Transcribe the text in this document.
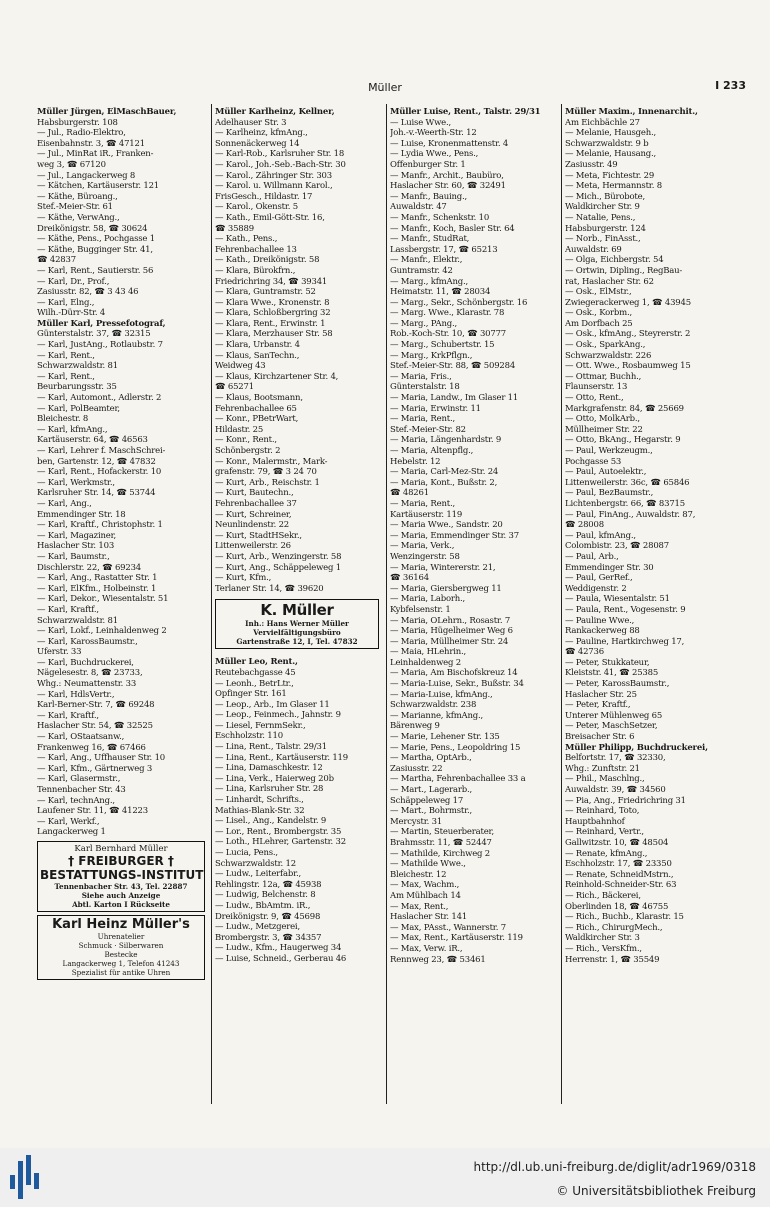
Müller	I 233
Müller Jürgen, ElMaschBauer,
Habsburgerstr. 108
— Jul., Radio-Elektro,
Eisenbahnstr. 3, ☎ 47121
— Jul., MinRat iR., Franken-
weg 3, ☎ 67120
— Jul., Langackerweg 8
— Kätchen, Kartäuserstr. 121
— Käthe, Büroang.,
Stef.-Meier-Str. 61
— Käthe, VerwAng.,
Dreikönigstr. 58, ☎ 30624
— Käthe, Pens., Pochgasse 1
— Käthe, Bugginger Str. 41,
☎ 42837
— Karl, Rent., Sautierstr. 56
— Karl, Dr., Prof.,
Zasiusstr. 82, ☎ 3 43 46
— Karl, Elng.,
Wilh.-Dürr-Str. 4
Müller Karl, Pressefotograf,
Günterstalstr. 37, ☎ 32315
— Karl, JustAng., Rotlaubstr. 7
— Karl, Rent.,
Schwarzwaldstr. 81
— Karl, Rent.,
Beurbarungsstr. 35
— Karl, Automont., Adlerstr. 2
— Karl, PolBeamter,
Bleichestr. 8
— Karl, kfmAng.,
Kartäuserstr. 64, ☎ 46563
— Karl, Lehrer f. MaschSchrei-
ben, Gartenstr. 12, ☎ 47832
— Karl, Rent., Hofackerstr. 10
— Karl, Werkmstr.,
Karlsruher Str. 14, ☎ 53744
— Karl, Ang.,
Emmendinger Str. 18
— Karl, Kraftf., Christophstr. 1
— Karl, Magaziner,
Haslacher Str. 103
— Karl, Baumstr.,
Dischlerstr. 22, ☎ 69234
— Karl, Ang., Rastatter Str. 1
— Karl, ElKfm., Holbeinstr. 1
— Karl, Dekor., Wiesentalstr. 51
— Karl, Kraftf.,
Schwarzwaldstr. 81
— Karl, Lokf., Leinhaldenweg 2
— Karl, KarossBaumstr.,
Uferstr. 33
— Karl, Buchdruckerei,
Nägelesestr. 8, ☎ 23733,
Whg.: Neumattenstr. 33
— Karl, HdlsVertr.,
Karl-Berner-Str. 7, ☎ 69248
— Karl, Kraftf.,
Haslacher Str. 54, ☎ 32525
— Karl, OStaatsanw.,
Frankenweg 16, ☎ 67466
— Karl, Ang., Uffhauser Str. 10
— Karl, Kfm., Gärtnerweg 3
— Karl, Glasermstr.,
Tennenbacher Str. 43
— Karl, technAng.,
Laufener Str. 11, ☎ 41223
— Karl, Werkf.,
Langackerweg 1
Karl Bernhard Müller
† FREIBURGER †
BESTATTUNGS-INSTITUT
Tennenbacher Str. 43, Tel. 22887
Siehe auch Anzeige
Abtl. Karton I Rückseite
Karl Heinz Müller's
Uhrenatelier
Schmuck · Silberwaren
Bestecke
Langackerweg 1, Telefon 41243
Spezialist für antike Uhren
Müller Karlheinz, Kellner,
Adelhauser Str. 3
— Karlheinz, kfmAng.,
Sonnenäckerweg 14
— Karl-Rob., Karlsruher Str. 18
— Karol., Joh.-Seb.-Bach-Str. 30
— Karol., Zähringer Str. 303
— Karol. u. Willmann Karol.,
FrisGesch., Hildastr. 17
— Karol., Okenstr. 5
— Kath., Emil-Gött-Str. 16,
☎ 35889
— Kath., Pens.,
Fehrenbachallee 13
— Kath., Dreikönigstr. 58
— Klara, Bürokfrn.,
Friedrichring 34, ☎ 39341
— Klara, Guntramstr. 52
— Klara Wwe., Kronenstr. 8
— Klara, Schloßbergring 32
— Klara, Rent., Erwinstr. 1
— Klara, Merzhauser Str. 58
— Klara, Urbanstr. 4
— Klaus, SanTechn.,
Weidweg 43
— Klaus, Kirchzartener Str. 4,
☎ 65271
— Klaus, Bootsmann,
Fehrenbachallee 65
— Konr., PBetrWart,
Hildastr. 25
— Konr., Rent.,
Schönbergstr. 2
— Konr., Malermstr., Mark-
grafenstr. 79, ☎ 3 24 70
— Kurt, Arb., Reischstr. 1
— Kurt, Bautechn.,
Fehrenbachallee 37
— Kurt, Schreiner,
Neunlindenstr. 22
— Kurt, StadtHSekr.,
Littenweilerstr. 26
— Kurt, Arb., Wenzingerstr. 58
— Kurt, Ang., Schäppeleweg 1
— Kurt, Kfm.,
Terlaner Str. 14, ☎ 39620
K. Müller
Inh.: Hans Werner Müller
Vervielfältigungsbüro
Gartenstraße 12, I, Tel. 47832
Müller Leo, Rent.,
Reutebachgasse 45
— Leonh., BetrLtr.,
Opfinger Str. 161
— Leop., Arb., Im Glaser 11
— Leop., Feinmech., Jahnstr. 9
— Liesel, FernmSekr.,
Eschholzstr. 110
— Lina, Rent., Talstr. 29/31
— Lina, Rent., Kartäuserstr. 119
— Lina, Damaschkestr. 12
— Lina, Verk., Haierweg 20b
— Lina, Karlsruher Str. 28
— Linhardt, Schrifts.,
Mathias-Blank-Str. 32
— Lisel., Ang., Kandelstr. 9
— Lor., Rent., Brombergstr. 35
— Loth., HLehrer, Gartenstr. 32
— Lucia, Pens.,
Schwarzwaldstr. 12
— Ludw., Leiterfabr.,
Rehlingstr. 12a, ☎ 45938
— Ludwig, Belchenstr. 8
— Ludw., BbAmtm. iR.,
Dreikönigstr. 9, ☎ 45698
— Ludw., Metzgerei,
Brombergstr. 3, ☎ 34357
— Ludw., Kfm., Haugerweg 34
— Luise, Schneid., Gerberau 46
Müller Luise, Rent., Talstr. 29/31
— Luise Wwe.,
Joh.-v.-Weerth-Str. 12
— Luise, Kronenmattenstr. 4
— Lydia Wwe., Pens.,
Offenburger Str. 1
— Manfr., Archit., Baubüro,
Haslacher Str. 60, ☎ 32491
— Manfr., Bauing.,
Auwaldstr. 47
— Manfr., Schenkstr. 10
— Manfr., Koch, Basler Str. 64
— Manfr., StudRat,
Lassbergstr. 17, ☎ 65213
— Manfr., Elektr.,
Guntramstr. 42
— Marg., kfmAng.,
Heimatstr. 11, ☎ 28034
— Marg., Sekr., Schönbergstr. 16
— Marg. Wwe., Klarastr. 78
— Marg., PAng.,
Rob.-Koch-Str. 10, ☎ 30777
— Marg., Schubertstr. 15
— Marg., KrkPflgn.,
Stef.-Meier-Str. 88, ☎ 509284
— Maria, Fris.,
Günterstalstr. 18
— Maria, Landw., Im Glaser 11
— Maria, Erwinstr. 11
— Maria, Rent.,
Stef.-Meier-Str. 82
— Maria, Längenhardstr. 9
— Maria, Altenpflg.,
Hebelstr. 12
— Maria, Carl-Mez-Str. 24
— Maria, Kont., Bußstr. 2,
☎ 48261
— Maria, Rent.,
Kartäuserstr. 119
— Maria Wwe., Sandstr. 20
— Maria, Emmendinger Str. 37
— Maria, Verk.,
Wenzingerstr. 58
— Maria, Wintererstr. 21,
☎ 36164
— Maria, Giersbergweg 11
— Maria, Laborh.,
Kybfelsenstr. 1
— Maria, OLehrn., Rosastr. 7
— Maria, Hügelheimer Weg 6
— Maria, Müllheimer Str. 24
— Maia, HLehrin.,
Leinhaldenweg 2
— Maria, Am Bischofskreuz 14
— Maria-Luise, Sekr., Bußstr. 34
— Maria-Luise, kfmAng.,
Schwarzwaldstr. 238
— Marianne, kfmAng.,
Bärenweg 9
— Marie, Lehener Str. 135
— Marie, Pens., Leopoldring 15
— Martha, OptArb.,
Zasiusstr. 22
— Martha, Fehrenbachallee 33 a
— Mart., Lagerarb.,
Schäppeleweg 17
— Mart., Bohrmstr.,
Mercystr. 31
— Martin, Steuerberater,
Brahmsstr. 11, ☎ 52447
— Mathilde, Kirchweg 2
— Mathilde Wwe.,
Bleichestr. 12
— Max, Wachm.,
Am Mühlbach 14
— Max, Rent.,
Haslacher Str. 141
— Max, PAsst., Wannerstr. 7
— Max, Rent., Kartäuserstr. 119
— Max, Verw. iR.,
Rennweg 23, ☎ 53461
Müller Maxim., Innenarchit.,
Am Eichbächle 27
— Melanie, Hausgeh.,
Schwarzwaldstr. 9 b
— Melanie, Hausang.,
Zasiusstr. 49
— Meta, Fichtestr. 29
— Meta, Hermannstr. 8
— Mich., Bürobote,
Waldkircher Str. 9
— Natalie, Pens.,
Habsburgerstr. 124
— Norb., FinAsst.,
Auwaldstr. 69
— Olga, Eichbergstr. 54
— Ortwin, Dipling., RegBau-
rat, Haslacher Str. 62
— Osk., ElMstr.,
Zwiegerackerweg 1, ☎ 43945
— Osk., Korbm.,
Am Dorfbach 25
— Osk., kfmAng., Steyrerstr. 2
— Osk., SparkAng.,
Schwarzwaldstr. 226
— Ott. Wwe., Rosbaumweg 15
— Ottmar, Buchh.,
Flaunserstr. 13
— Otto, Rent.,
Markgrafenstr. 84, ☎ 25669
— Otto, MolkArb.,
Müllheimer Str. 22
— Otto, BkAng., Hegarstr. 9
— Paul, Werkzeugm.,
Pochgasse 53
— Paul, Autoelektr.,
Littenweilerstr. 36c, ☎ 65846
— Paul, BezBaumstr.,
Lichtenbergstr. 66, ☎ 83715
— Paul, FinAng., Auwaldstr. 87,
☎ 28008
— Paul, kfmAng.,
Colombistr. 23, ☎ 28087
— Paul, Arb.,
Emmendinger Str. 30
— Paul, GerRef.,
Weddigenstr. 2
— Paula, Wiesentalstr. 51
— Paula, Rent., Vogesenstr. 9
— Pauline Wwe.,
Rankackerweg 88
— Pauline, Hartkirchweg 17,
☎ 42736
— Peter, Stukkateur,
Kleiststr. 41, ☎ 25385
— Peter, KarossBaumstr.,
Haslacher Str. 25
— Peter, Kraftf.,
Unterer Mühlenweg 65
— Peter, MaschSetzer,
Breisacher Str. 6
Müller Philipp, Buchdruckerei,
Belfortstr. 17, ☎ 32330,
Whg.: Zunftstr. 21
— Phil., Maschlng.,
Auwaldstr. 39, ☎ 34560
— Pia, Ang., Friedrichring 31
— Reinhard, Toto,
Hauptbahnhof
— Reinhard, Vertr.,
Gallwitzstr. 10, ☎ 48504
— Renate, kfmAng.,
Eschholzstr. 17, ☎ 23350
— Renate, SchneidMstrn.,
Reinhold-Schneider-Str. 63
— Rich., Bäckerei,
Oberlinden 18, ☎ 46755
— Rich., Buchb., Klarastr. 15
— Rich., ChirurgMech.,
Waldkircher Str. 3
— Rich., VersKfm.,
Herrenstr. 1, ☎ 35549
http://dl.ub.uni-freiburg.de/diglit/adr1969/0318
© Universitätsbibliothek Freiburg
